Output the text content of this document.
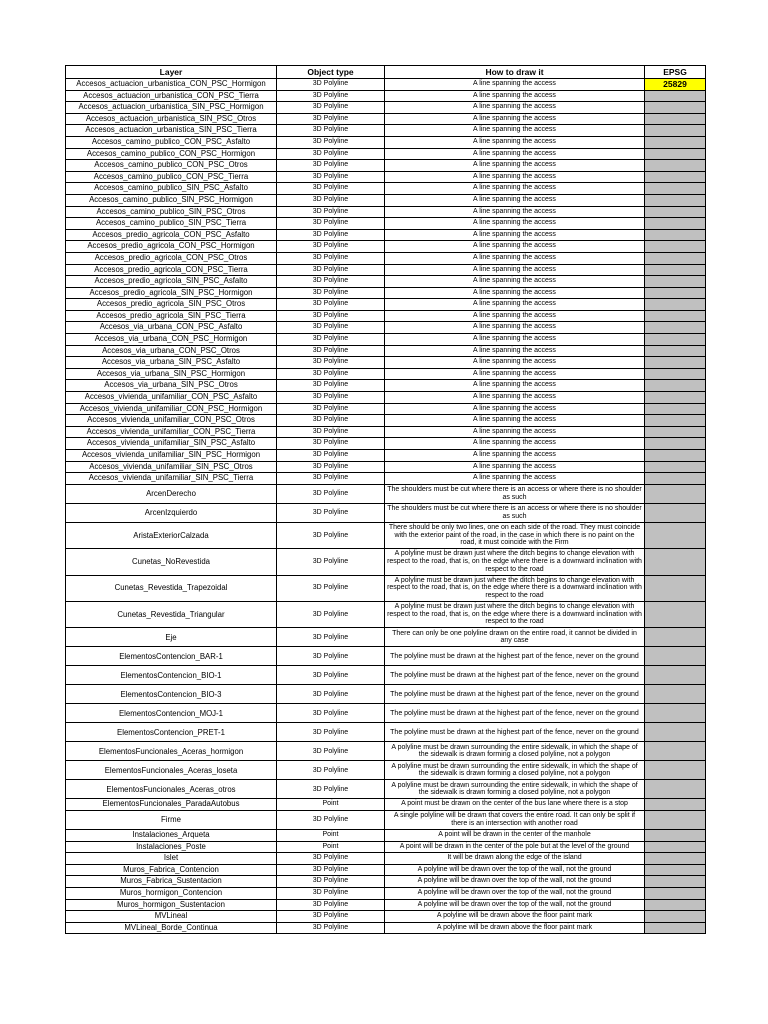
Layer	Object type	How to draw it	EPSG
Accesos_actuacion_urbanistica_CON_PSC_Hormigon	3D Polyline	A line spanning the access	25829
Accesos_actuacion_urbanistica_CON_PSC_Tierra	3D Polyline	A line spanning the access	
Accesos_actuacion_urbanistica_SIN_PSC_Hormigon	3D Polyline	A line spanning the access	
Accesos_actuacion_urbanistica_SIN_PSC_Otros	3D Polyline	A line spanning the access	
Accesos_actuacion_urbanistica_SIN_PSC_Tierra	3D Polyline	A line spanning the access	
Accesos_camino_publico_CON_PSC_Asfalto	3D Polyline	A line spanning the access	
Accesos_camino_publico_CON_PSC_Hormigon	3D Polyline	A line spanning the access	
Accesos_camino_publico_CON_PSC_Otros	3D Polyline	A line spanning the access	
Accesos_camino_publico_CON_PSC_Tierra	3D Polyline	A line spanning the access	
Accesos_camino_publico_SIN_PSC_Asfalto	3D Polyline	A line spanning the access	
Accesos_camino_publico_SIN_PSC_Hormigon	3D Polyline	A line spanning the access	
Accesos_camino_publico_SIN_PSC_Otros	3D Polyline	A line spanning the access	
Accesos_camino_publico_SIN_PSC_Tierra	3D Polyline	A line spanning the access	
Accesos_predio_agricola_CON_PSC_Asfalto	3D Polyline	A line spanning the access	
Accesos_predio_agricola_CON_PSC_Hormigon	3D Polyline	A line spanning the access	
Accesos_predio_agricola_CON_PSC_Otros	3D Polyline	A line spanning the access	
Accesos_predio_agricola_CON_PSC_Tierra	3D Polyline	A line spanning the access	
Accesos_predio_agricola_SIN_PSC_Asfalto	3D Polyline	A line spanning the access	
Accesos_predio_agricola_SIN_PSC_Hormigon	3D Polyline	A line spanning the access	
Accesos_predio_agricola_SIN_PSC_Otros	3D Polyline	A line spanning the access	
Accesos_predio_agricola_SIN_PSC_Tierra	3D Polyline	A line spanning the access	
Accesos_via_urbana_CON_PSC_Asfalto	3D Polyline	A line spanning the access	
Accesos_via_urbana_CON_PSC_Hormigon	3D Polyline	A line spanning the access	
Accesos_via_urbana_CON_PSC_Otros	3D Polyline	A line spanning the access	
Accesos_via_urbana_SIN_PSC_Asfalto	3D Polyline	A line spanning the access	
Accesos_via_urbana_SIN_PSC_Hormigon	3D Polyline	A line spanning the access	
Accesos_via_urbana_SIN_PSC_Otros	3D Polyline	A line spanning the access	
Accesos_vivienda_unifamiliar_CON_PSC_Asfalto	3D Polyline	A line spanning the access	
Accesos_vivienda_unifamiliar_CON_PSC_Hormigon	3D Polyline	A line spanning the access	
Accesos_vivienda_unifamiliar_CON_PSC_Otros	3D Polyline	A line spanning the access	
Accesos_vivienda_unifamiliar_CON_PSC_Tierra	3D Polyline	A line spanning the access	
Accesos_vivienda_unifamiliar_SIN_PSC_Asfalto	3D Polyline	A line spanning the access	
Accesos_vivienda_unifamiliar_SIN_PSC_Hormigon	3D Polyline	A line spanning the access	
Accesos_vivienda_unifamiliar_SIN_PSC_Otros	3D Polyline	A line spanning the access	
Accesos_vivienda_unifamiliar_SIN_PSC_Tierra	3D Polyline	A line spanning the access	
ArcenDerecho	3D Polyline	The shoulders must be cut where there is an access or where there is no shoulder as such	
ArcenIzquierdo	3D Polyline	The shoulders must be cut where there is an access or where there is no shoulder as such	
AristaExteriorCalzada	3D Polyline	There should be only two lines, one on each side of the road. They must coincide with the exterior paint of the road, in the case in which there is no paint on the road, it must coincide with the Firm	
Cunetas_NoRevestida	3D Polyline	A polyline must be drawn just where the ditch begins to change elevation with respect to the road, that is, on the edge where there is a downward inclination with respect to the road	
Cunetas_Revestida_Trapezoidal	3D Polyline	A polyline must be drawn just where the ditch begins to change elevation with respect to the road, that is, on the edge where there is a downward inclination with respect to the road	
Cunetas_Revestida_Triangular	3D Polyline	A polyline must be drawn just where the ditch begins to change elevation with respect to the road, that is, on the edge where there is a downward inclination with respect to the road	
Eje	3D Polyline	There can only be one polyline drawn on the entire road, it cannot be divided in any case	
ElementosContencion_BAR-1	3D Polyline	The polyline must be drawn at the highest part of the fence, never on the ground	
ElementosContencion_BIO-1	3D Polyline	The polyline must be drawn at the highest part of the fence, never on the ground	
ElementosContencion_BIO-3	3D Polyline	The polyline must be drawn at the highest part of the fence, never on the ground	
ElementosContencion_MOJ-1	3D Polyline	The polyline must be drawn at the highest part of the fence, never on the ground	
ElementosContencion_PRET-1	3D Polyline	The polyline must be drawn at the highest part of the fence, never on the ground	
ElementosFuncionales_Aceras_hormigon	3D Polyline	A polyline must be drawn surrounding the entire sidewalk, in which the shape of the sidewalk is drawn forming a closed polyline, not a polygon	
ElementosFuncionales_Aceras_loseta	3D Polyline	A polyline must be drawn surrounding the entire sidewalk, in which the shape of the sidewalk is drawn forming a closed polyline, not a polygon	
ElementosFuncionales_Aceras_otros	3D Polyline	A polyline must be drawn surrounding the entire sidewalk, in which the shape of the sidewalk is drawn forming a closed polyline, not a polygon	
ElementosFuncionales_ParadaAutobus	Point	A point must be drawn on the center of the bus lane where there is a stop	
Firme	3D Polyline	A single polyline will be drawn that covers the entire road. It can only be split if there is an intersection with another road	
Instalaciones_Arqueta	Point	A point will be drawn in the center of the manhole	
Instalaciones_Poste	Point	A point will be drawn in the center of the pole but at the level of the ground	
Islet	3D Polyline	It will be drawn along the edge of the island	
Muros_Fabrica_Contencion	3D Polyline	A polyline will be drawn over the top of the wall, not the ground	
Muros_Fabrica_Sustentacion	3D Polyline	A polyline will be drawn over the top of the wall, not the ground	
Muros_hormigon_Contencion	3D Polyline	A polyline will be drawn over the top of the wall, not the ground	
Muros_hormigon_Sustentacion	3D Polyline	A polyline will be drawn over the top of the wall, not the ground	
MVLineal	3D Polyline	A polyline will be drawn above the floor paint mark	
MVLineal_Borde_Continua	3D Polyline	A polyline will be drawn above the floor paint mark	
